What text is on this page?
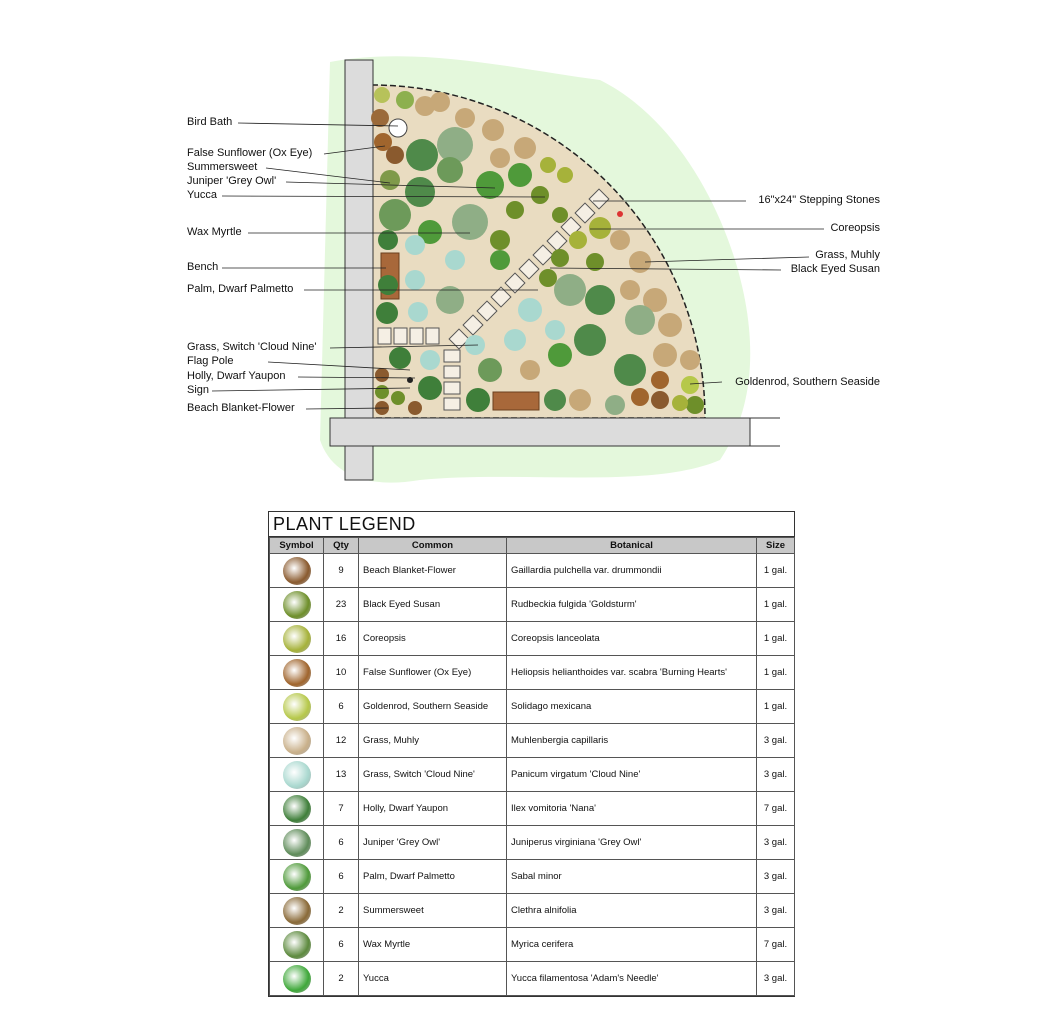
Bird Bath
False Sunflower (Ox Eye)
Summersweet
Juniper 'Grey Owl'
Yucca
Wax Myrtle
Bench
Palm, Dwarf Palmetto
Grass, Switch 'Cloud Nine'
Flag Pole
Holly, Dwarf Yaupon
Sign
Beach Blanket-Flower
16"x24" Stepping Stones
Coreopsis
Grass, Muhly
Black Eyed Susan
Goldenrod, Southern Seaside
PLANT LEGEND
Symbol	Qty	Common	Botanical	Size

	9	Beach Blanket-Flower	Gaillardia pulchella var. drummondii	1 gal.

	23	Black Eyed Susan	Rudbeckia fulgida 'Goldsturm'	1 gal.

	16	Coreopsis	Coreopsis lanceolata	1 gal.

	10	False Sunflower (Ox Eye)	Heliopsis helianthoides var. scabra 'Burning Hearts'	1 gal.

	6	Goldenrod, Southern Seaside	Solidago mexicana	1 gal.

	12	Grass, Muhly	Muhlenbergia capillaris	3 gal.

	13	Grass, Switch 'Cloud Nine'	Panicum virgatum 'Cloud Nine'	3 gal.

	7	Holly, Dwarf Yaupon	Ilex vomitoria 'Nana'	7 gal.

	6	Juniper 'Grey Owl'	Juniperus virginiana 'Grey Owl'	3 gal.

	6	Palm, Dwarf Palmetto	Sabal minor	3 gal.

	2	Summersweet	Clethra alnifolia	3 gal.

	6	Wax Myrtle	Myrica cerifera	7 gal.

	2	Yucca	Yucca filamentosa 'Adam's Needle'	3 gal.
